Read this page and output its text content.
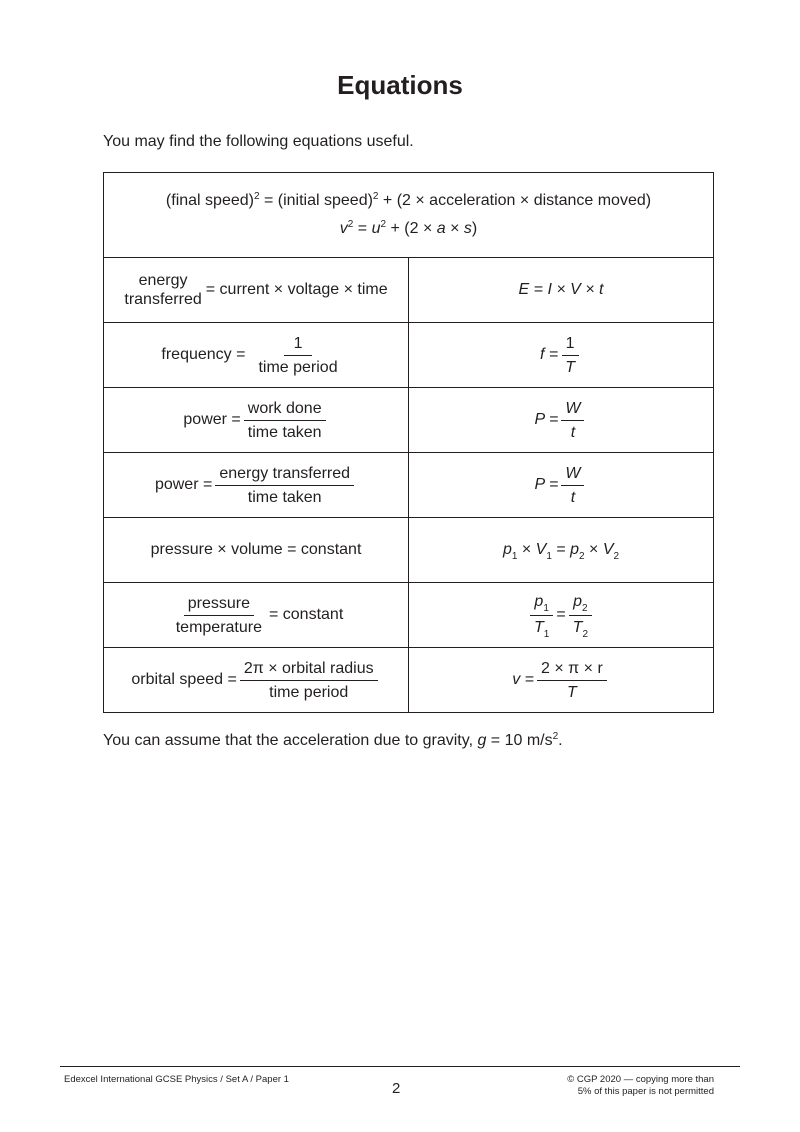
Equations
You may find the following equations useful.
(final speed)$^2$ = (initial speed)$^2$ + (2 × acceleration × distance moved)
$v^2 = u^2 + (2 \times a \times s)$	

energy
transferred
= current × voltage × time	E = I × V × t

frequency = $\frac{1}{\text{time period}}$	$f = \frac{1}{T}$

power = $\frac{\text{work done}}{\text{time taken}}$	$P = \frac{W}{t}$

power = $\frac{\text{energy transferred}}{\text{time taken}}$	$P = \frac{W}{t}$

pressure × volume = constant	$p_1 \times V_1 = p_2 \times V_2$

$\frac{\text{pressure}}{\text{temperature}}$ = constant	$\frac{p_1}{T_1} = \frac{p_2}{T_2}$

orbital speed = $\frac{\text{2π × orbital radius}}{\text{time period}}$	$v = \frac{2 \times \pi \times r}{T}$
You can assume that the acceleration due to gravity, g = 10 $m/s^2$.
Edexcel International GCSE Physics / Set A / Paper 1
2
© CGP 2020 — copying more than
5% of this paper is not permitted
